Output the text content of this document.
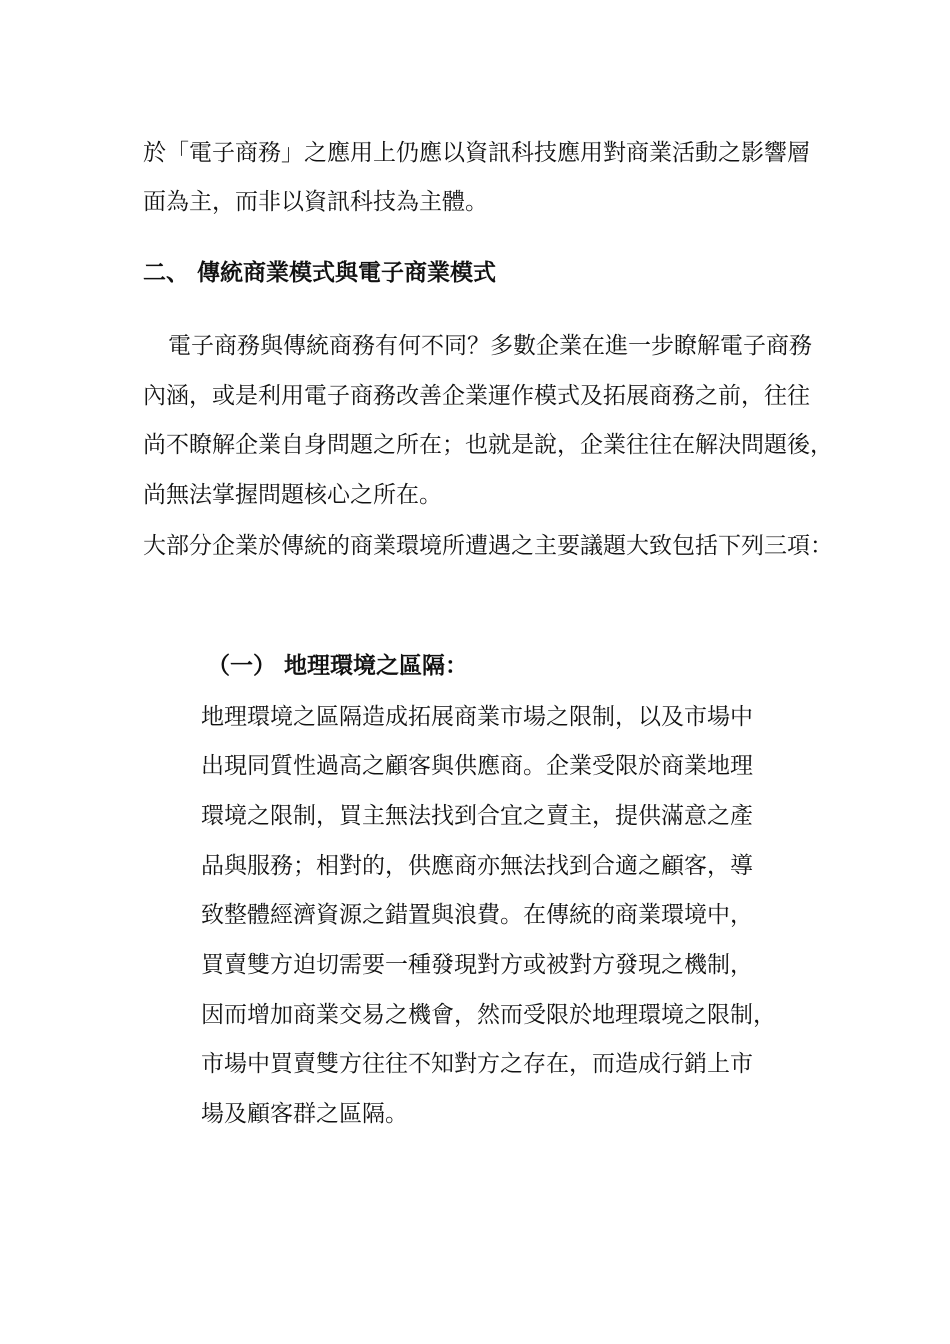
於「電子商務」之應用上仍應以資訊科技應用對商業活動之影響層
面為主，而非以資訊科技為主體。
二、 傳統商業模式與電子商業模式
電子商務與傳統商務有何不同？多數企業在進一步瞭解電子商務
內涵，或是利用電子商務改善企業運作模式及拓展商務之前，往往
尚不瞭解企業自身問題之所在；也就是說，企業往往在解決問題後，
尚無法掌握問題核心之所在。
大部分企業於傳統的商業環境所遭遇之主要議題大致包括下列三項：
（一） 地理環境之區隔：
地理環境之區隔造成拓展商業市場之限制，以及市場中
出現同質性過高之顧客與供應商。企業受限於商業地理
環境之限制，買主無法找到合宜之賣主，提供滿意之產
品與服務；相對的，供應商亦無法找到合適之顧客，導
致整體經濟資源之錯置與浪費。在傳統的商業環境中，
買賣雙方迫切需要一種發現對方或被對方發現之機制，
因而增加商業交易之機會，然而受限於地理環境之限制，
市場中買賣雙方往往不知對方之存在，而造成行銷上市
場及顧客群之區隔。
